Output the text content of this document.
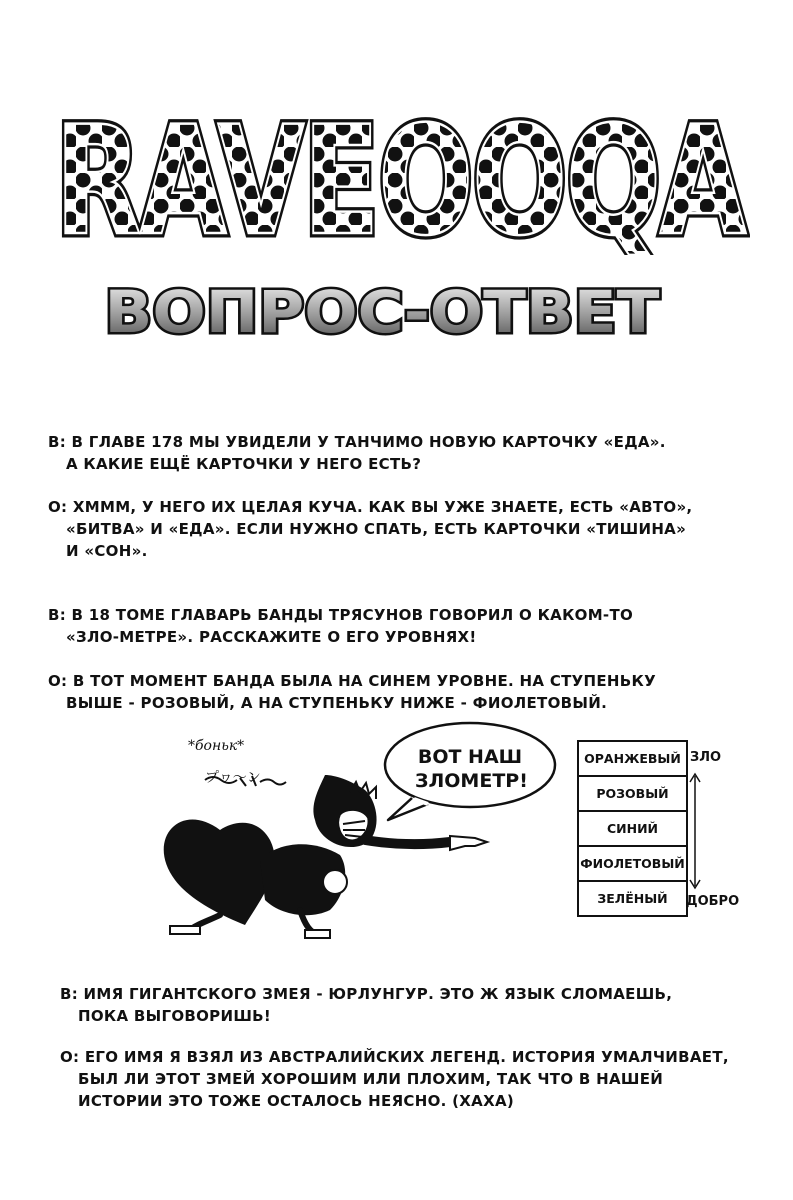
RAVEOOQA
RAVEOOQA
ВОПРОС-ОТВЕТ
В: В ГЛАВЕ 178 МЫ УВИДЕЛИ У ТАНЧИМО НОВУЮ КАРТОЧКУ «ЕДА».
А КАКИЕ ЕЩЁ КАРТОЧКИ У НЕГО ЕСТЬ?
О: ХМММ, У НЕГО ИХ ЦЕЛАЯ КУЧА. КАК ВЫ УЖЕ ЗНАЕТЕ, ЕСТЬ «АВТО»,
«БИТВА» И «ЕДА». ЕСЛИ НУЖНО СПАТЬ, ЕСТЬ КАРТОЧКИ «ТИШИНА»
И «СОН».
В: В 18 ТОМЕ ГЛАВАРЬ БАНДЫ ТРЯСУНОВ ГОВОРИЛ О КАКОМ-ТО
«ЗЛО-МЕТРЕ». РАССКАЖИТЕ О ЕГО УРОВНЯХ!
О: В ТОТ МОМЕНТ БАНДА БЫЛА НА СИНЕМ УРОВНЕ. НА СТУПЕНЬКУ
ВЫШЕ - РОЗОВЫЙ, А НА СТУПЕНЬКУ НИЖЕ - ФИОЛЕТОВЫЙ.
*боньк*
プヮ〜ン
ВОТ НАШ
ЗЛОМЕТР!
ОРАНЖЕВЫЙ
РОЗОВЫЙ
СИНИЙ
ФИОЛЕТОВЫЙ
ЗЕЛЁНЫЙ
ЗЛО
ДОБРО
В: ИМЯ ГИГАНТСКОГО ЗМЕЯ - ЮРЛУНГУР. ЭТО Ж ЯЗЫК СЛОМАЕШЬ,
ПОКА ВЫГОВОРИШЬ!
О: ЕГО ИМЯ Я ВЗЯЛ ИЗ АВСТРАЛИЙСКИХ ЛЕГЕНД. ИСТОРИЯ УМАЛЧИВАЕТ,
БЫЛ ЛИ ЭТОТ ЗМЕЙ ХОРОШИМ ИЛИ ПЛОХИМ, ТАК ЧТО В НАШЕЙ
ИСТОРИИ ЭТО ТОЖЕ ОСТАЛОСЬ НЕЯСНО. (ХАХА)
